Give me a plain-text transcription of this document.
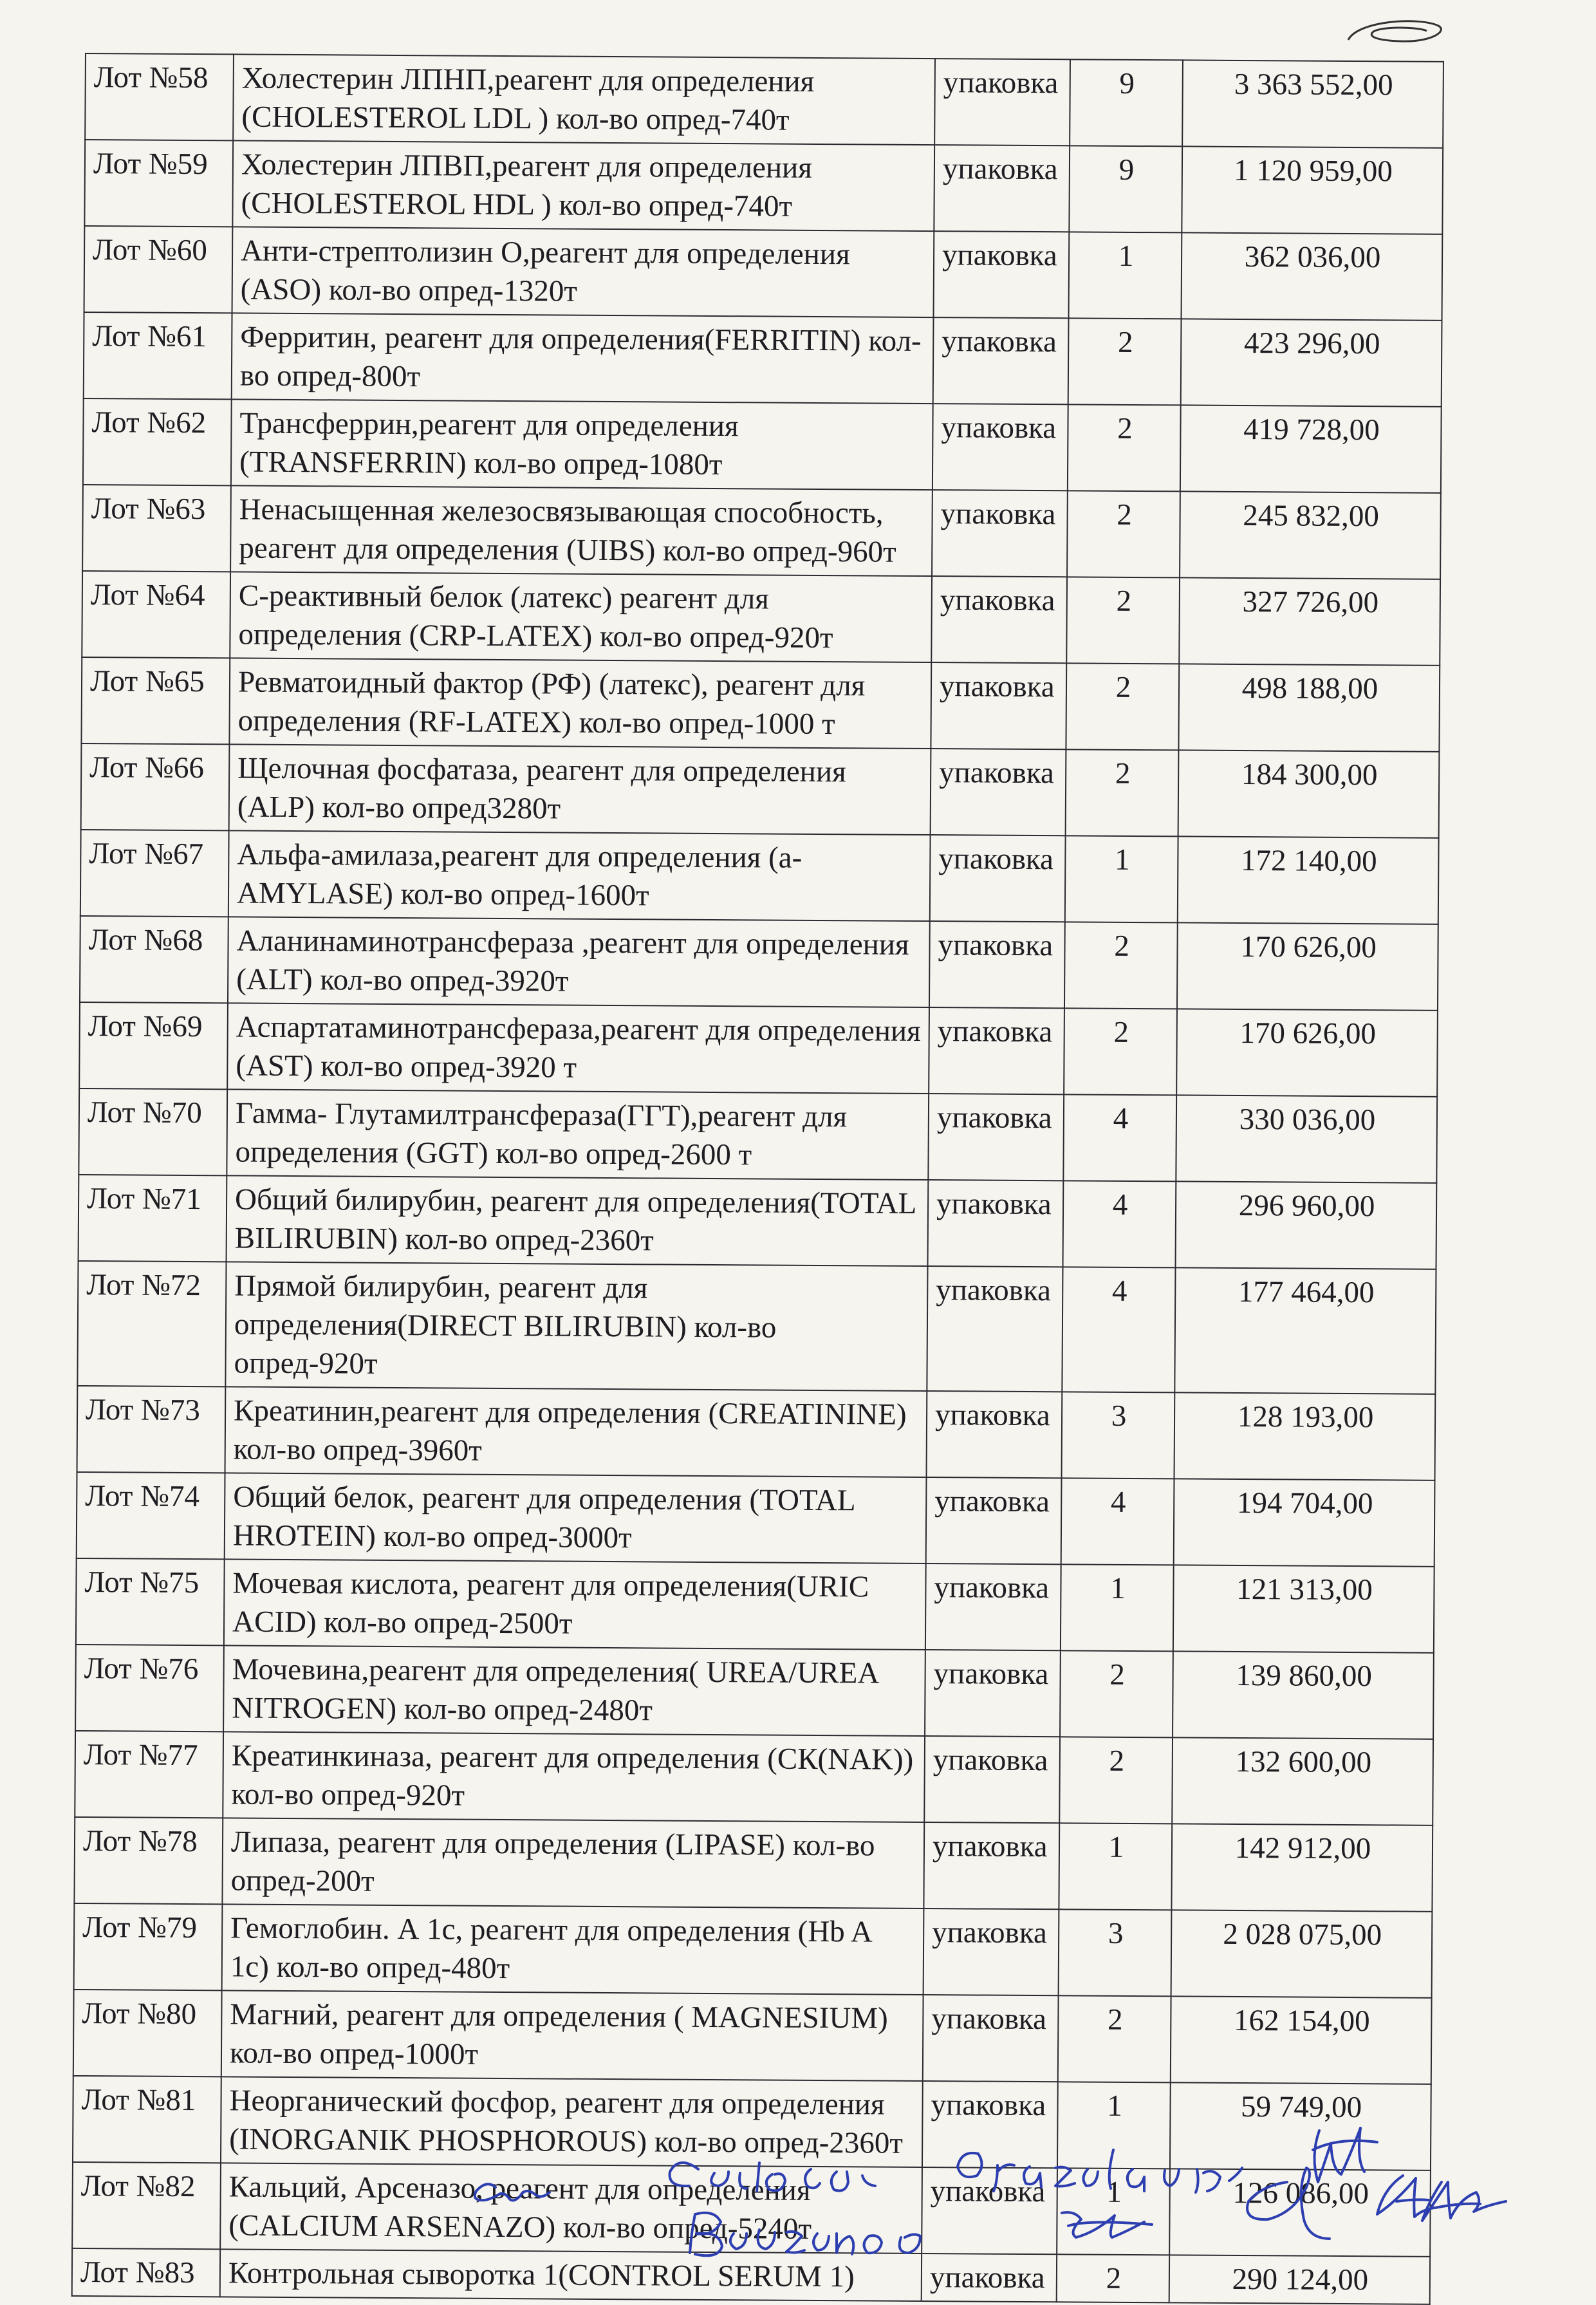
Лот №58	Холестерин ЛПНП,реагент для определения (CHOLESTEROL LDL ) кол-во опред-740т	упаковка	9	3 363 552,00
Лот №59	Холестерин ЛПВП,реагент для определения (CHOLESTEROL HDL ) кол-во опред-740т	упаковка	9	1 120 959,00
Лот №60	Анти-стрептолизин О,реагент для определения (ASO) кол-во опред-1320т	упаковка	1	362 036,00
Лот №61	Ферритин, реагент для определения(FERRITIN) кол-во опред-800т	упаковка	2	423 296,00
Лот №62	Трансферрин,реагент для определения (TRANSFERRIN) кол-во опред-1080т	упаковка	2	419 728,00
Лот №63	Ненасыщенная железосвязывающая способность, реагент для определения (UIBS) кол-во опред-960т	упаковка	2	245 832,00
Лот №64	С-реактивный белок (латекс) реагент для определения (CRP-LATEX) кол-во опред-920т	упаковка	2	327 726,00
Лот №65	Ревматоидный фактор (РФ) (латекс), реагент для определения (RF-LATEX) кол-во опред-1000 т	упаковка	2	498 188,00
Лот №66	Щелочная фосфатаза, реагент для определения (ALP) кол-во опред3280т	упаковка	2	184 300,00
Лот №67	Альфа-амилаза,реагент для определения (а-AMYLASE) кол-во опред-1600т	упаковка	1	172 140,00
Лот №68	Аланинаминотрансфераза ,реагент для определения (ALT) кол-во опред-3920т	упаковка	2	170 626,00
Лот №69	Аспартатаминотрансфераза,реагент для определения (AST) кол-во опред-3920 т	упаковка	2	170 626,00
Лот №70	Гамма- Глутамилтрансфераза(ГГТ),реагент для определения (GGT) кол-во опред-2600 т	упаковка	4	330 036,00
Лот №71	Общий билирубин, реагент для определения(TOTAL BILIRUBIN) кол-во опред-2360т	упаковка	4	296 960,00
Лот №72	Прямой билирубин, реагент для определения(DIRECT BILIRUBIN) кол-во опред-920т	упаковка	4	177 464,00
Лот №73	Креатинин,реагент для определения (CREATININE) кол-во опред-3960т	упаковка	3	128 193,00
Лот №74	Общий белок, реагент для определения (TOTAL HROTEIN) кол-во опред-3000т	упаковка	4	194 704,00
Лот №75	Мочевая кислота, реагент для определения(URIC ACID) кол-во опред-2500т	упаковка	1	121 313,00
Лот №76	Мочевина,реагент для определения( UREA/UREA NITROGEN) кол-во опред-2480т	упаковка	2	139 860,00
Лот №77	Креатинкиназа, реагент для определения (СК(NAK)) кол-во опред-920т	упаковка	2	132 600,00
Лот №78	Липаза, реагент для определения (LIPASE) кол-во опред-200т	упаковка	1	142 912,00
Лот №79	Гемоглобин. А 1с, реагент для определения (Hb A 1c) кол-во опред-480т	упаковка	3	2 028 075,00
Лот №80	Магний, реагент для определения ( MAGNESIUM) кол-во опред-1000т	упаковка	2	162 154,00
Лот №81	Неорганический фосфор, реагент для определения (INORGANIK PHOSPHOROUS) кол-во опред-2360т	упаковка	1	59 749,00
Лот №82	Кальций, Арсеназо, реагент для определения (CALCIUM ARSENAZO) кол-во опред-5240т	упаковка	1	126 086,00
Лот №83	Контрольная сыворотка 1(CONTROL SERUM 1)	упаковка	2	290 124,00
